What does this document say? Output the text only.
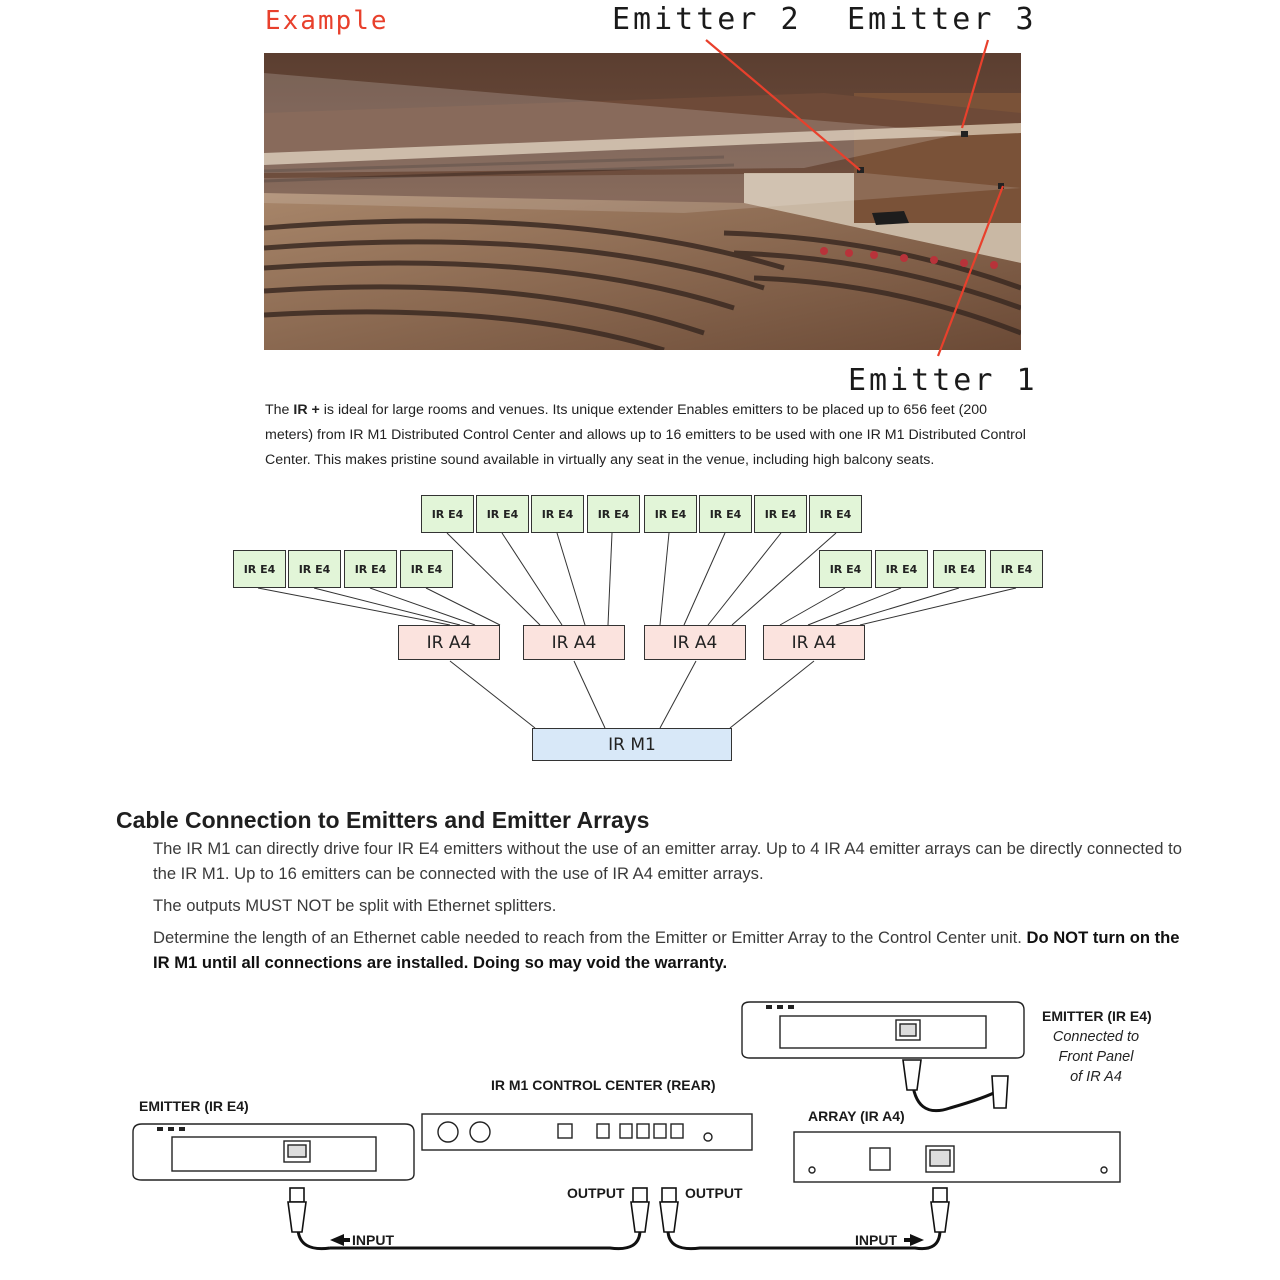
Example	Emitter 2 Emitter 3
Emitter 1
The IR + is ideal for large rooms and venues. Its unique extender Enables emitters to be placed up to 656 feet (200 meters) from IR M1 Distributed Control Center and allows up to 16 emitters to be used with one IR M1 Distributed Control Center. This makes pristine sound available in virtually any seat in the venue, including high balcony seats.
IR E4	IR E4	IR E4	IR E4	IR E4	IR E4	IR E4	IR E4
IR E4	IR E4	IR E4	IR E4	IR E4	IR E4	IR E4	IR E4
IR A4	IR A4	IR A4	IR A4
IR M1
Cable Connection to Emitters and Emitter Arrays
The IR M1 can directly drive four IR E4 emitters without the use of an emitter array. Up to 4 IR A4 emitter arrays can be directly connected to the IR M1. Up to 16 emitters can be connected with the use of IR A4 emitter arrays.
The outputs MUST NOT be split with Ethernet splitters.
Determine the length of an Ethernet cable needed to reach from the Emitter or Emitter Array to the Control Center unit. Do NOT turn on the IR M1 until all connections are installed. Doing so may void the warranty.
EMITTER (IR E4)
IR M1 CONTROL CENTER (REAR)
EMITTER (IR E4)
Connected to
Front Panel
of IR A4
ARRAY (IR A4)
OUTPUT	OUTPUT
INPUT	INPUT
